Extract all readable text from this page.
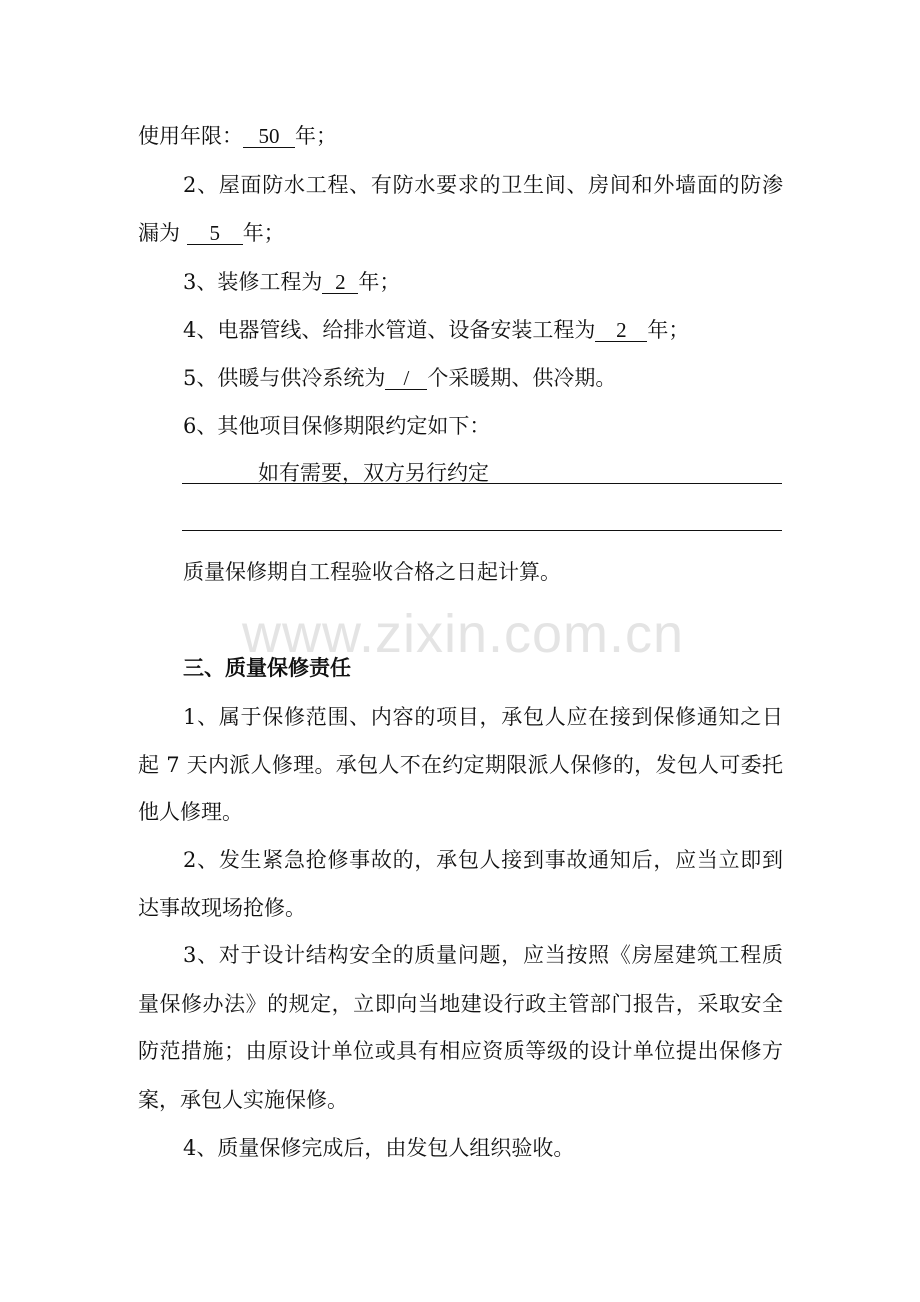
www.zixin.com.cn
使用年限： 50 年；
2、屋面防水工程、有防水要求的卫生间、房间和外墙面的防渗
漏为 5 年；
3、装修工程为 2 年；
4、电器管线、给排水管道、设备安装工程为 2 年；
5、供暖与供冷系统为 / 个采暖期、供冷期。
6、其他项目保修期限约定如下：
如有需要，双方另行约定
质量保修期自工程验收合格之日起计算。
三、质量保修责任
1、属于保修范围、内容的项目，承包人应在接到保修通知之日
起 7 天内派人修理。承包人不在约定期限派人保修的，发包人可委托
他人修理。
2、发生紧急抢修事故的，承包人接到事故通知后，应当立即到
达事故现场抢修。
3、对于设计结构安全的质量问题，应当按照《房屋建筑工程质
量保修办法》的规定，立即向当地建设行政主管部门报告，采取安全
防范措施；由原设计单位或具有相应资质等级的设计单位提出保修方
案，承包人实施保修。
4、质量保修完成后，由发包人组织验收。
